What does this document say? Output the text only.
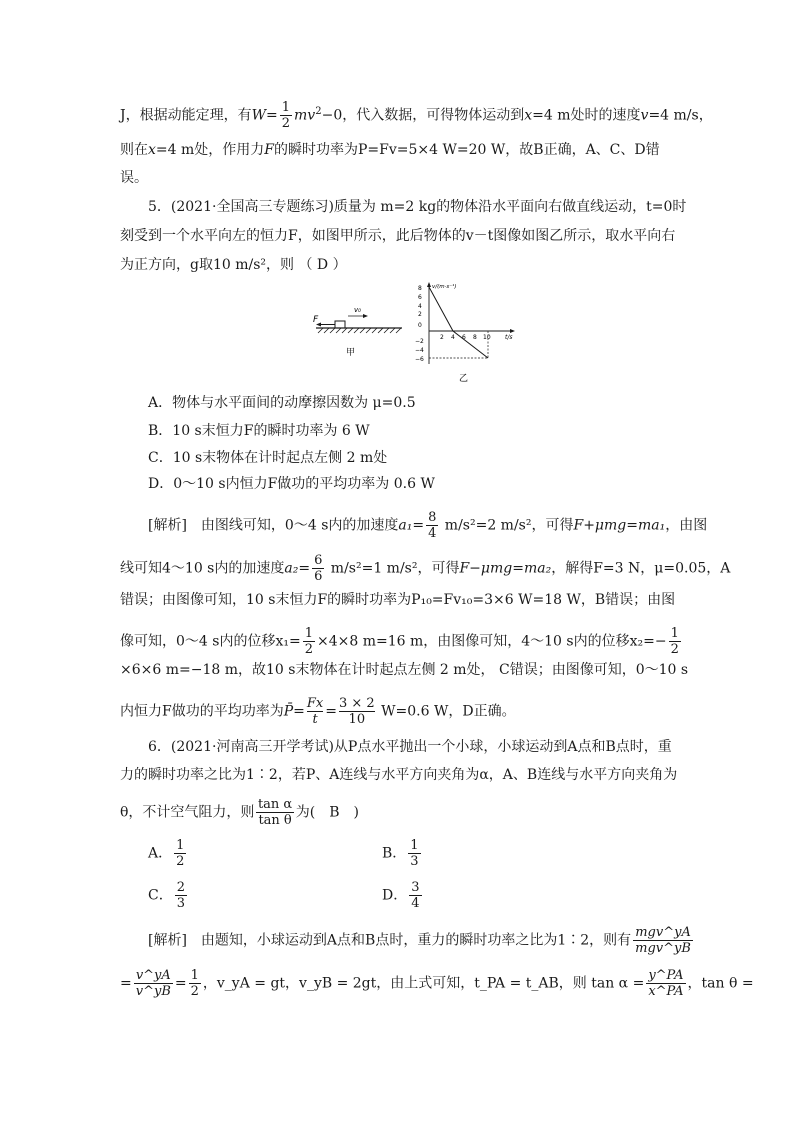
J，根据动能定理，有$W= \frac{1}{2} mv^2-0$，代入数据，可得物体运动到x=4 m处时的速度v=4 m/s，
则在x=4 m处，作用力F的瞬时功率为P=Fv=5×4 W=20 W，故B正确，A、C、D错
误。
5．(2021·全国高三专题练习)质量为 m=2 kg的物体沿水平面向右做直线运动，t=0时
刻受到一个水平向左的恒力F，如图甲所示，此后物体的v－t图像如图乙所示，取水平向右
为正方向，g取10 m/s²，则 （ D ）
F
v₀
甲
v/(m·s⁻¹)
t/s
8
6
4
2
0
−2
−4
−6
2 4 6 8 10
乙
A．物体与水平面间的动摩擦因数为 μ=0.5
B．10 s末恒力F的瞬时功率为 6 W
C．10 s末物体在计时起点左侧 2 m处
D．0～10 s内恒力F做功的平均功率为 0.6 W
[解析]　由图线可知，0～4 s内的加速度$a_1= \frac{8}{4} m/s^2=2$ m/s²，可得F+μmg=ma₁，由图
线可知4～10 s内的加速度$a_2= \frac{6}{6} m/s^2=1$ m/s²，可得F−μmg=ma₂，解得F=3 N，μ=0.05，A
错误；由图像可知，10 s末恒力F的瞬时功率为P₁₀=Fv₁₀=3×6 W=18 W，B错误；由图
像可知，0～4 s内的位移$x_1= \frac{1}{2} \times 4\times 8$ m=16 m，由图像可知，4～10 s内的位移$x_2=- \frac{1}{2}$
×6×6 m=−18 m，故10 s末物体在计时起点左侧 2 m处， C错误；由图像可知，0～10 s
内恒力F做功的平均功率为P̄= $\frac{Fx}{t} = \frac{3 \times 2}{10} W=0.6$ W，D正确。
6．(2021·河南高三开学考试)从P点水平抛出一个小球，小球运动到A点和B点时，重
力的瞬时功率之比为1∶2，若P、A连线与水平方向夹角为α，A、B连线与水平方向夹角为
θ，不计空气阻力，则 $\frac{\text{tan α}}{\text{tan θ}}$ 为(　B　)
A． $\frac{1}{2}$	B． $\frac{1}{3}$
C． $\frac{2}{3}$	D． $\frac{3}{4}$
[解析]　由题知，小球运动到A点和B点时，重力的瞬时功率之比为1∶2，则有 $\frac{\text{mgv\textasciicircum{}yA}}{\text{mgv\textasciicircum{}yB}}$
= $\frac{v\^{}yA}{v\^{}yB} = \frac{1}{2}$ ，v_yA = gt，v_yB = 2gt，由上式可知，t_PA = t_AB，则 $\tan \alpha = \frac{y\^{}PA}{x\^{}PA}$ ，tan θ =
